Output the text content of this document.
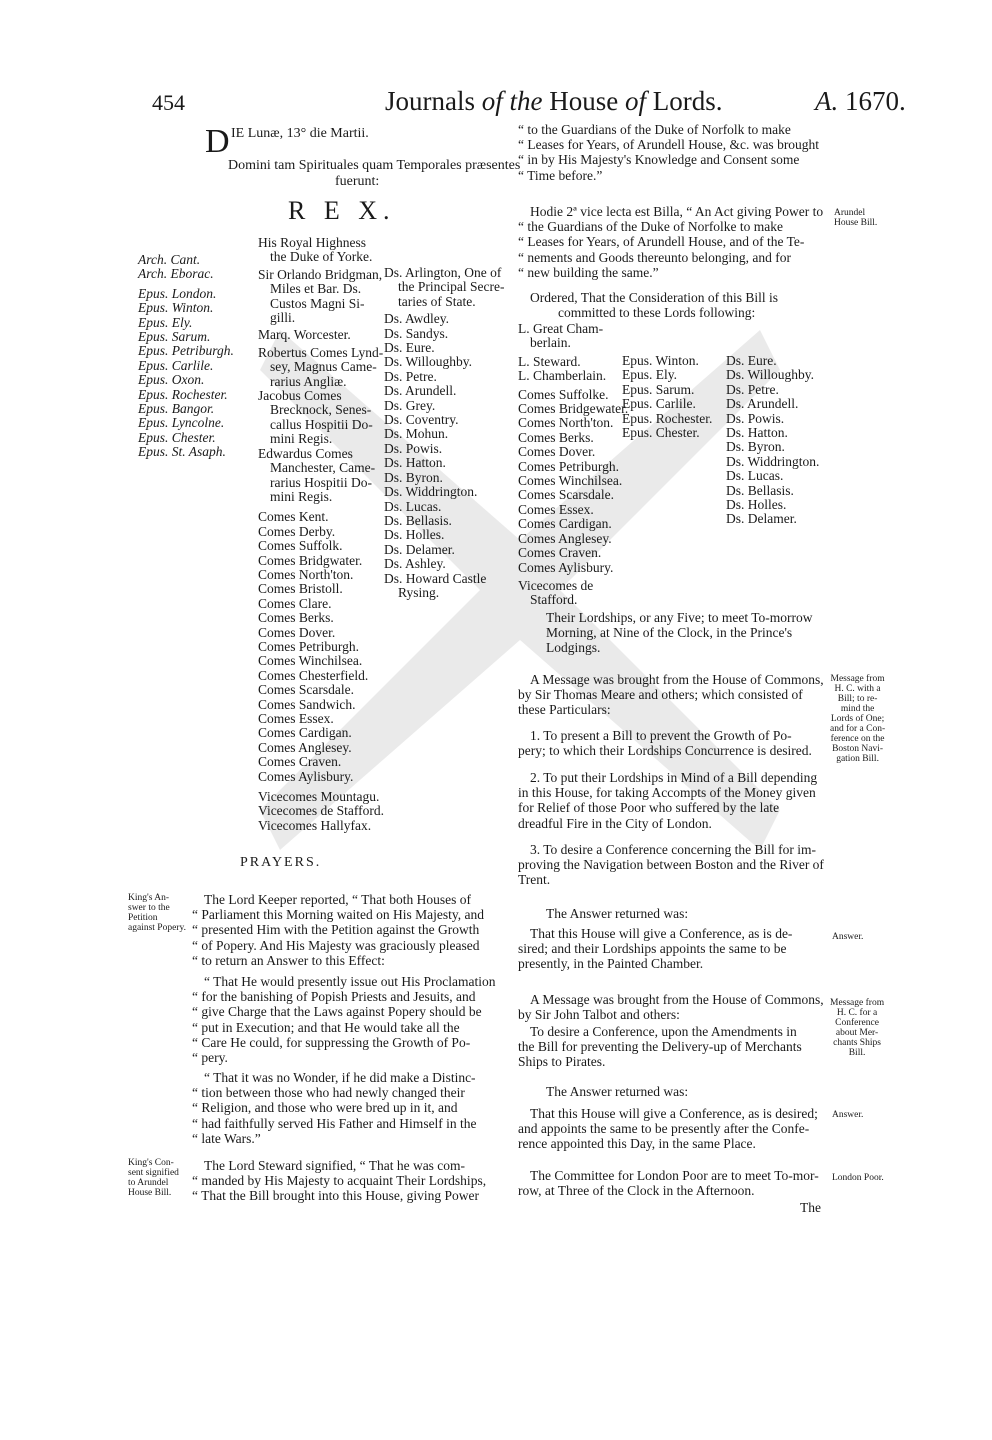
454	Journals of the House of Lords.	A. 1670.
D IE Lunæ, 13° die Martii.
Domini tam Spirituales quam Temporales præsentes
fuerunt:
R E X.
Arch. Cant.
Arch. Eborac.
Epus. London.
Epus. Winton.
Epus. Ely.
Epus. Sarum.
Epus. Petriburgh.
Epus. Carlile.
Epus. Oxon.
Epus. Rochester.
Epus. Bangor.
Epus. Lyncolne.
Epus. Chester.
Epus. St. Asaph.
His Royal Highness
the Duke of Yorke.
Sir Orlando Bridgman,
Miles et Bar. Ds.
Custos Magni Si-
gilli.
Marq. Worcester.
Robertus Comes Lynd-
sey, Magnus Came-
rarius Angliæ.
Jacobus Comes
Brecknock, Senes-
callus Hospitii Do-
mini Regis.
Edwardus Comes
Manchester, Came-
rarius Hospitii Do-
mini Regis.
Comes Kent.
Comes Derby.
Comes Suffolk.
Comes Bridgwater.
Comes North'ton.
Comes Bristoll.
Comes Clare.
Comes Berks.
Comes Dover.
Comes Petriburgh.
Comes Winchilsea.
Comes Chesterfield.
Comes Scarsdale.
Comes Sandwich.
Comes Essex.
Comes Cardigan.
Comes Anglesey.
Comes Craven.
Comes Aylisbury.
Vicecomes Mountagu.
Vicecomes de Stafford.
Vicecomes Hallyfax.
Ds. Arlington, One of
the Principal Secre-
taries of State.
Ds. Awdley.
Ds. Sandys.
Ds. Eure.
Ds. Willoughby.
Ds. Petre.
Ds. Arundell.
Ds. Grey.
Ds. Coventry.
Ds. Mohun.
Ds. Powis.
Ds. Hatton.
Ds. Byron.
Ds. Widdrington.
Ds. Lucas.
Ds. Bellasis.
Ds. Holles.
Ds. Delamer.
Ds. Ashley.
Ds. Howard Castle
Rysing.
PRAYERS.
King's An-
swer to the
Petition
against Popery.
The Lord Keeper reported, “ That both Houses of
“ Parliament this Morning waited on His Majesty, and
“ presented Him with the Petition against the Growth
“ of Popery. And His Majesty was graciously pleased
“ to return an Answer to this Effect:
“ That He would presently issue out His Proclamation
“ for the banishing of Popish Priests and Jesuits, and
“ give Charge that the Laws against Popery should be
“ put in Execution; and that He would take all the
“ Care He could, for suppressing the Growth of Po-
“ pery.
“ That it was no Wonder, if he did make a Distinc-
“ tion between those who had newly changed their
“ Religion, and those who were bred up in it, and
“ had faithfully served His Father and Himself in the
“ late Wars.”
King's Con-
sent signified
to Arundel
House Bill.
The Lord Steward signified, “ That he was com-
“ manded by His Majesty to acquaint Their Lordships,
“ That the Bill brought into this House, giving Power
“ to the Guardians of the Duke of Norfolk to make
“ Leases for Years, of Arundell House, &c. was brought
“ in by His Majesty's Knowledge and Consent some
“ Time before.”
Arundel
House Bill.
Hodie 2ª vice lecta est Billa, “ An Act giving Power to
“ the Guardians of the Duke of Norfolke to make
“ Leases for Years, of Arundell House, and of the Te-
“ nements and Goods thereunto belonging, and for
“ new building the same.”
Ordered, That the Consideration of this Bill is
committed to these Lords following:
L. Great Cham-
berlain.
L. Steward.
L. Chamberlain.
Comes Suffolke.
Comes Bridgewater.
Comes North'ton.
Comes Berks.
Comes Dover.
Comes Petriburgh.
Comes Winchilsea.
Comes Scarsdale.
Comes Essex.
Comes Cardigan.
Comes Anglesey.
Comes Craven.
Comes Aylisbury.
Vicecomes de
Stafford.
Epus. Winton.
Epus. Ely.
Epus. Sarum.
Epus. Carlile.
Epus. Rochester.
Epus. Chester.
Ds. Eure.
Ds. Willoughby.
Ds. Petre.
Ds. Arundell.
Ds. Powis.
Ds. Hatton.
Ds. Byron.
Ds. Widdrington.
Ds. Lucas.
Ds. Bellasis.
Ds. Holles.
Ds. Delamer.
Their Lordships, or any Five; to meet To-morrow
Morning, at Nine of the Clock, in the Prince's
Lodgings.
Message from
H. C. with a
Bill; to re-
mind the
Lords of One;
and for a Con-
ference on the
Boston Navi-
gation Bill.
A Message was brought from the House of Commons,
by Sir Thomas Meare and others; which consisted of
these Particulars:
1. To present a Bill to prevent the Growth of Po-
pery; to which their Lordships Concurrence is desired.
2. To put their Lordships in Mind of a Bill depending
in this House, for taking Accompts of the Money given
for Relief of those Poor who suffered by the late
dreadful Fire in the City of London.
3. To desire a Conference concerning the Bill for im-
proving the Navigation between Boston and the River of
Trent.
The Answer returned was:
Answer.
That this House will give a Conference, as is de-
sired; and their Lordships appoints the same to be
presently, in the Painted Chamber.
Message from
H. C. for a
Conference
about Mer-
chants Ships
Bill.
A Message was brought from the House of Commons,
by Sir John Talbot and others:
To desire a Conference, upon the Amendments in
the Bill for preventing the Delivery-up of Merchants
Ships to Pirates.
The Answer returned was:
Answer.
That this House will give a Conference, as is desired;
and appoints the same to be presently after the Confe-
rence appointed this Day, in the same Place.
London Poor.
The Committee for London Poor are to meet To-mor-
row, at Three of the Clock in the Afternoon.
The
